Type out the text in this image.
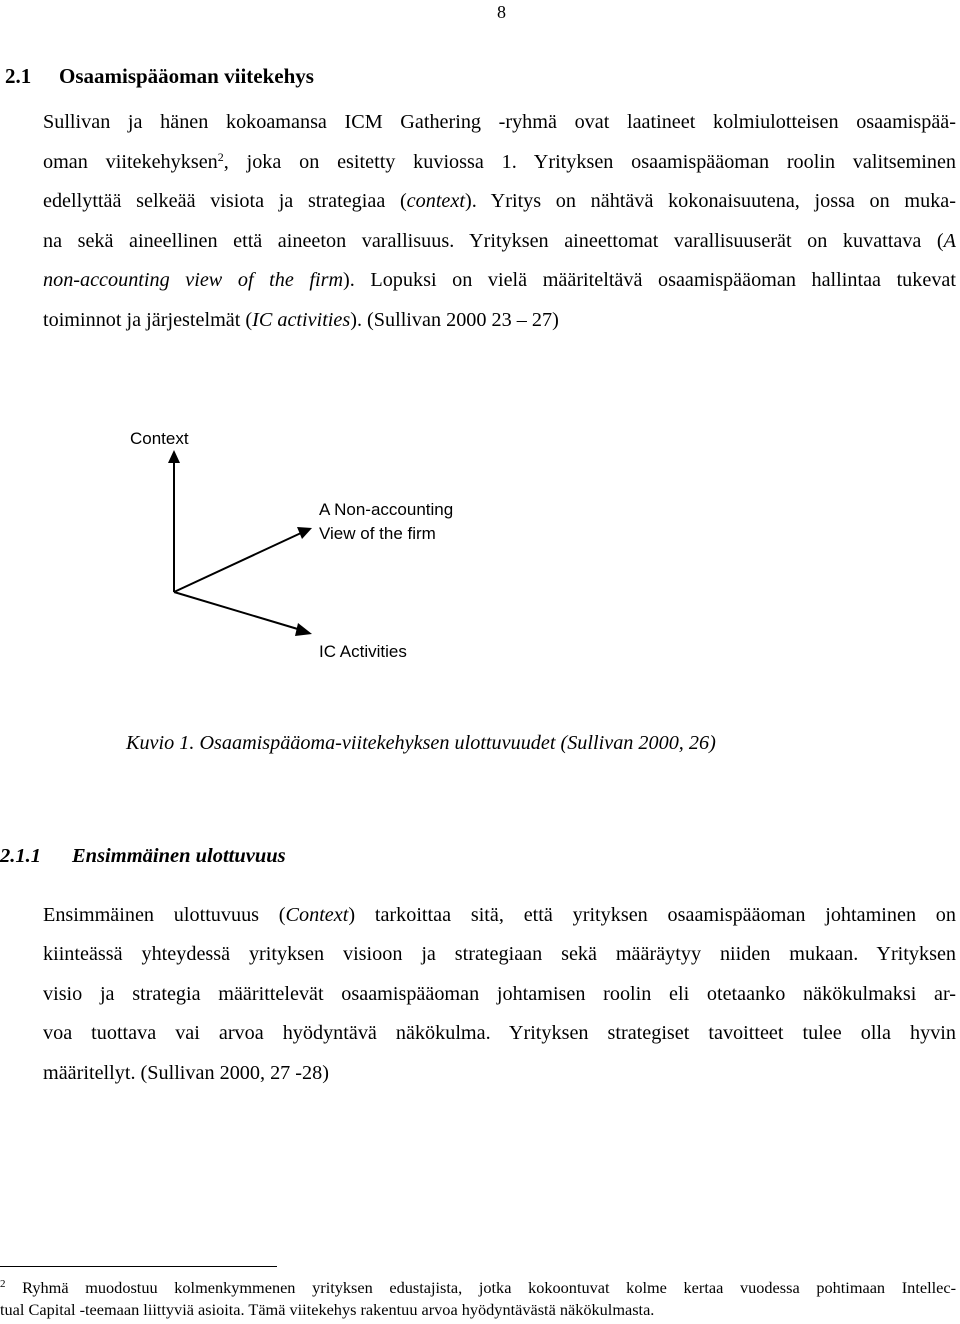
8
2.1 Osaamispääoman viitekehys
Sullivan ja hänen kokoamansa ICM Gathering -ryhmä ovat laatineet kolmiulotteisen osaamispää-
oman viitekehyksen$^2$, joka on esitetty kuviossa 1. Yrityksen osaamispääoman roolin valitseminen
edellyttää selkeää visiota ja strategiaa (context). Yritys on nähtävä kokonaisuutena, jossa on muka-
na sekä aineellinen että aineeton varallisuus. Yrityksen aineettomat varallisuuserät on kuvattava (A
non-accounting view of the firm). Lopuksi on vielä määriteltävä osaamispääoman hallintaa tukevat
toiminnot ja järjestelmät (IC activities). (Sullivan 2000 23 – 27)
Context
A Non-accounting
View of the firm
IC Activities
Kuvio 1. Osaamispääoma-viitekehyksen ulottuvuudet (Sullivan 2000, 26)
2.1.1 Ensimmäinen ulottuvuus
Ensimmäinen ulottuvuus (Context) tarkoittaa sitä, että yrityksen osaamispääoman johtaminen on
kiinteässä yhteydessä yrityksen visioon ja strategiaan sekä määräytyy niiden mukaan. Yrityksen
visio ja strategia määrittelevät osaamispääoman johtamisen roolin eli otetaanko näkökulmaksi ar-
voa tuottava vai arvoa hyödyntävä näkökulma. Yrityksen strategiset tavoitteet tulee olla hyvin
määritellyt. (Sullivan 2000, 27 -28)
$^2$ Ryhmä muodostuu kolmenkymmenen yrityksen edustajista, jotka kokoontuvat kolme kertaa vuodessa pohtimaan Intellec-
tual Capital -teemaan liittyviä asioita. Tämä viitekehys rakentuu arvoa hyödyntävästä näkökulmasta.
